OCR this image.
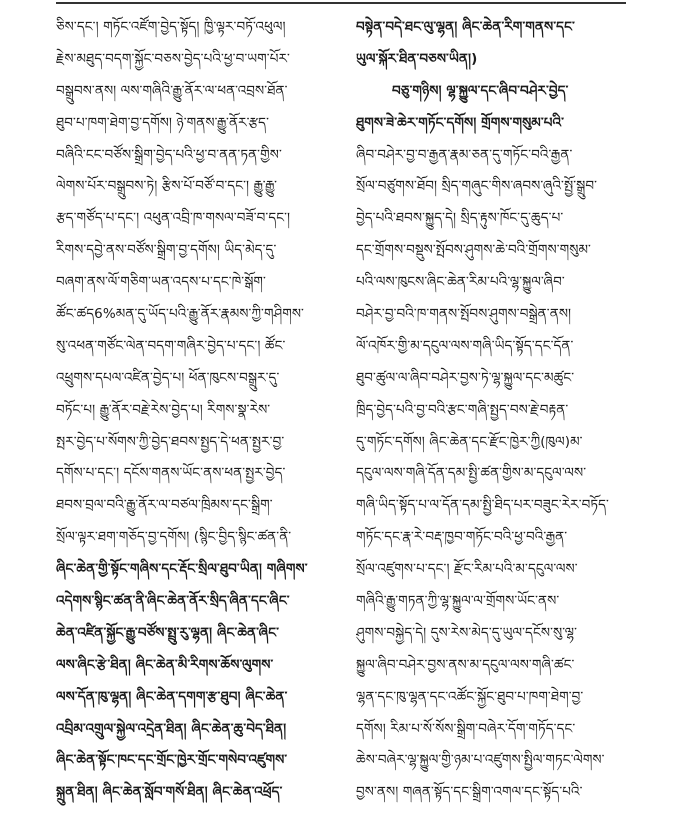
ཅིས་དང་། གཏོང་འཛོག་བྱེད་སྟོད། ཁྱི་ལྟར་བཏོ་འཕུལ།
རྗེས་མཐུད་བདག་སྐྱོང་བཅས་བྱེད་པའི་ཕྱ་བ་ཡག་པོར་
བསྒྲུབས་ནས། ལས་གཞིའི་རྒྱུ་ནོར་ལ་ཕན་འབྲས་ཐོན་
ཐུབ་པ་ཁག་ཐེག་བྱ་དགོས། ཉེ་གནས་རྒྱུ་ནོར་རྩད་
བཞིའི་ངང་བཙོས་སྒྲིག་བྱེད་པའི་ཕྱ་བ་ནན་ཏན་གྱིས་
ལེགས་པོར་བསྒྲུབས་ཏེ། རྩིས་པོ་བཙོ་བ་དང་། རྒྱུ་རྒྱུ་
རྩད་གཙོད་པ་དང་། འཕུན་འབྲི་ཁ་གསལ་བཟོ་བ་དང་།
རིགས་དབྱེ་ནས་བཙོས་སྒྲིག་བྱ་དགོས། ཡིད་མེད་དུ་
བཞག་ནས་ལོ་གཅིག་ཡན་འདས་པ་དང་ཁེ་སྒོག་
ཚོང་ཚད6%མན་དུ་ཡོད་པའི་རྒྱུ་ནོར་རྣམས་ཀྱི་གཤིགས་
སུ་འཕན་གཙོང་ལེན་བདག་གཞིར་བྱེད་པ་དང་། ཚོང་
འཕྲུགས་དཔལ་འཛིན་བྱེད་པ། ཕོན་ཁུངས་བསྒྲུར་དུ་
བཏོང་པ། རྒྱུ་ནོར་བརྗེ་རེས་བྱེད་པ། རིགས་སྣ་རེས་
སྤར་བྱེད་པ་སོགས་ཀྱི་བྱེད་ཐབས་སྤྱད་དེ་ཕན་སྤྱར་བྱ་
དགོས་པ་དང་། དངོས་གནས་ཡོང་ནས་ཕན་སྤྱར་བྱེད་
ཐབས་བྲལ་བའི་རྒྱུ་ནོར་ལ་བཙལ་ཁྲིམས་དང་སྒྲིག་
སྲོལ་ལྟར་ཐག་གཅོད་བྱ་དགོས། (སྙིང་བྱིད་སྙིང་ཚན་ནི་
ཞིང་ཆེན་གྱི་སྟོང་གཞིས་དང་རྡོང་སྲིལ་ཐུབ་ཡིན། གཞིགས་
འདེགས་སྙིང་ཚན་ནི་ཞིང་ཆེན་ནོར་སྲིད་ཞིན་དང་ཞིང་
ཆེན་འཛིན་སྐྱོང་རྒྱུ་བཙོས་སྤྲུ་རུ་ལྷན། ཞིང་ཆེན་ཞིང་
ལས་ཞིང་རྩེ་ཐིན། ཞིང་ཆེན་མི་རིགས་ཆོས་ལུགས་
ལས་དོན་ཁུ་ལྷན། ཞིང་ཆེན་དགག་རྩ་ཐུབ། ཞིང་ཆེན་
འབྲིམ་འགྲུལ་སྐྱེལ་འདྲེན་ཐིན། ཞིང་ཆེན་ཆུ་བེད་ཐིན།
ཞིང་ཆེན་སྟོང་ཁང་དང་གྲོང་ཁྱེར་གྲོང་གསེབ་འཛུགས་
སྐྲུན་ཐིན། ཞིང་ཆེན་སློབ་གསོ་ཐིན། ཞིང་ཆེན་འཕྲོད་
བསྟེན་བདེ་ཐང་ལུ་ལྷན། ཞིང་ཆེན་རིག་གནས་དང་
ཡུལ་སྐོར་ཐིན་བཅས་ཡིན།)
བཅུ་གཉིས། ལྷ་སྐྱུལ་དང་ཞིབ་བཤེར་བྱེད་
ཐུགས་ཟེ་ཆེར་གཏོང་དགོས། གྲོགས་གསུམ་པའི་
ཞིབ་བཤེར་བྱ་བ་རྒྱན་རྣམ་ཅན་དུ་གཏོང་བའི་རྒྱན་
སྲོལ་བཙུགས་ཐོབ། སྲིད་གཞུང་གིས་ཞབས་ཞུའི་སྤྱོ་སྒྲུབ་
བྱེད་པའི་ཐབས་སྐྱུད་དེ། སྲིད་རྟུས་ཁོང་དུ་ཆུད་པ་
དང་གྲོགས་བསྡུས་སྤོབས་ཤུགས་ཆེ་བའི་གྲོགས་གསུམ་
པའི་ལས་ཁུངས་ཞིང་ཆེན་རིམ་པའི་ལྷ་སྐྱུལ་ཞིབ་
བཤེར་བྱ་བའི་ཁ་གནས་སྤོབས་ཤུགས་བསྒྲེན་ནས།
ལོ་འཁོར་གྱི་མ་དངུལ་ལས་གཞི་ཡིད་སྟོད་དང་དོན་
ཐུབ་ཚུལ་ལ་ཞིབ་བཤེར་བྱས་ཏེ་ལྷ་སྐྱུལ་དང་མཚུང་
ཁྲིད་བྱེད་པའི་བྱ་བའི་རྩང་གཞི་སྤྱད་བས་རྗེ་བརྟན་
དུ་གཏོང་དགོས། ཞིང་ཆེན་དང་རྫོང་ཁྱེར་ཀྱི(ཁུལ)མ་
དངུལ་ལས་གཞི་དོན་དམ་སྤྱི་ཚན་གྱིས་མ་དངུལ་ལས་
གཞི་ཡིད་སྟོད་པ་ལ་དོན་དམ་སྤྱི་ཐིད་པར་བཟུང་རེར་བཏོད་
གཏོང་དང་རྣ་རེ་བརྡ་ཁྱབ་གཏོང་བའི་ཕྱ་བའི་རྒྱན་
སྲོལ་འཛུགས་པ་དང་། རྫོང་རིམ་པའི་མ་དངུལ་ལས་
གཞིའི་རྒྱུ་གཏན་ཀྱི་ལྷ་སྐྱུལ་ལ་གྲོགས་ཡོང་ནས་
ཤུགས་བསྐྱེད་དེ། དུས་རེས་མེད་དུ་ཡུལ་དངོས་སུ་ལྷ་
སྐྱུལ་ཞིབ་བཤེར་བྱས་ནས་མ་དངུལ་ལས་གཞི་ཚང་
ལྷན་དང་ཁུ་ལྷན་དང་འཚོང་སྐྱོང་ཐུབ་པ་ཁག་ཐེག་བྱ་
དགོས། རིམ་པ་སོ་སོས་སྒྲིག་བཞེར་དོག་གཏོད་དང་
ཆེས་བཞེར་ལྷ་སྐྱུལ་གྱི་ཉམ་པ་འཛུགས་སྤྱིལ་གཏང་ལེགས་
བྱས་ནས། གཞན་སྟོད་དང་སྒྲིག་འགལ་དང་སྟོད་པའི་
